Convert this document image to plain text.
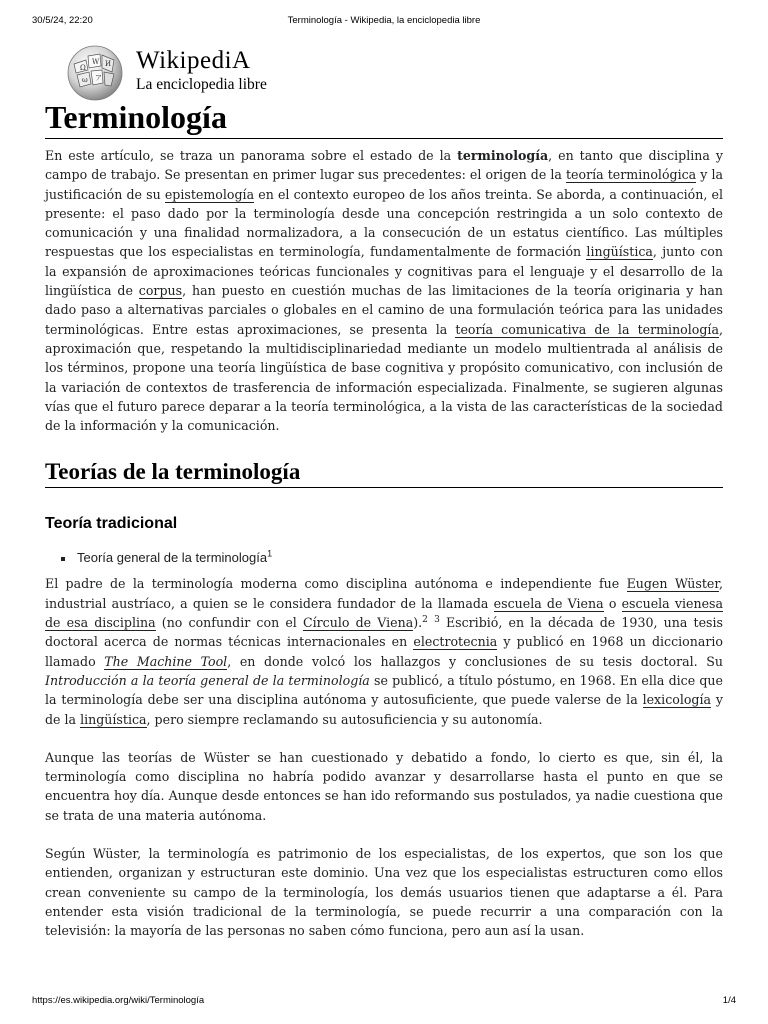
30/5/24, 22:20	Terminología - Wikipedia, la enciclopedia libre
Ω
W И
ア
ω
WikipediA
La enciclopedia libre
Terminología

En este artículo, se traza un panorama sobre el estado de la terminología, en tanto que disciplina y campo de trabajo. Se presentan en primer lugar sus precedentes: el origen de la teoría terminológica y la justificación de su epistemología en el contexto europeo de los años treinta. Se aborda, a continuación, el presente: el paso dado por la terminología desde una concepción restringida a un solo contexto de comunicación y una finalidad normalizadora, a la consecución de un estatus científico. Las múltiples respuestas que los especialistas en terminología, fundamentalmente de formación lingüística, junto con la expansión de aproximaciones teóricas funcionales y cognitivas para el lenguaje y el desarrollo de la lingüística de corpus, han puesto en cuestión muchas de las limitaciones de la teoría originaria y han dado paso a alternativas parciales o globales en el camino de una formulación teórica para las unidades terminológicas. Entre estas aproximaciones, se presenta la teoría comunicativa de la terminología, aproximación que, respetando la multidisciplinariedad mediante un modelo multientrada al análisis de los términos, propone una teoría lingüística de base cognitiva y propósito comunicativo, con inclusión de la variación de contextos de trasferencia de información especializada. Finalmente, se sugieren algunas vías que el futuro parece deparar a la teoría terminológica, a la vista de las características de la sociedad de la información y la comunicación.

Teorías de la terminología
Teoría tradicional
Teoría general de la terminología$^1$

El padre de la terminología moderna como disciplina autónoma e independiente fue Eugen Wüster, industrial austríaco, a quien se le considera fundador de la llamada escuela de Viena o escuela vienesa de esa disciplina (no confundir con el Círculo de Viena).$^2$ $^3$ Escribió, en la década de 1930, una tesis doctoral acerca de normas técnicas internacionales en electrotecnia y publicó en 1968 un diccionario llamado The Machine Tool, en donde volcó los hallazgos y conclusiones de su tesis doctoral. Su Introducción a la teoría general de la terminología se publicó, a título póstumo, en 1968. En ella dice que la terminología debe ser una disciplina autónoma y autosuficiente, que puede valerse de la lexicología y de la lingüística, pero siempre reclamando su autosuficiencia y su autonomía.

Aunque las teorías de Wüster se han cuestionado y debatido a fondo, lo cierto es que, sin él, la terminología como disciplina no habría podido avanzar y desarrollarse hasta el punto en que se encuentra hoy día. Aunque desde entonces se han ido reformando sus postulados, ya nadie cuestiona que se trata de una materia autónoma.

Según Wüster, la terminología es patrimonio de los especialistas, de los expertos, que son los que entienden, organizan y estructuran este dominio. Una vez que los especialistas estructuren como ellos crean conveniente su campo de la terminología, los demás usuarios tienen que adaptarse a él. Para entender esta visión tradicional de la terminología, se puede recurrir a una comparación con la televisión: la mayoría de las personas no saben cómo funciona, pero aun así la usan.

https://es.wikipedia.org/wiki/Terminología	1/4
